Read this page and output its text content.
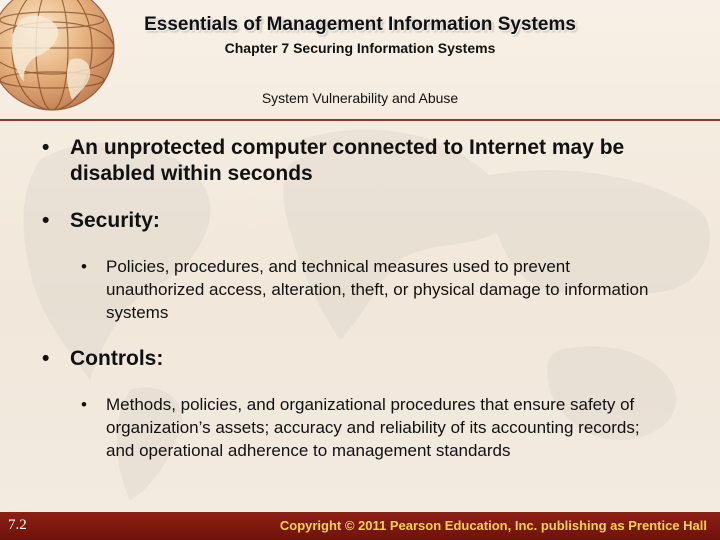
Essentials of Management Information Systems
Chapter 7 Securing Information Systems
System Vulnerability and Abuse
• An unprotected computer connected to Internet may be disabled within seconds
• Security:
• Policies, procedures, and technical measures used to prevent unauthorized access, alteration, theft, or physical damage to information systems
• Controls:
• Methods, policies, and organizational procedures that ensure safety of organization’s assets; accuracy and reliability of its accounting records; and operational adherence to management standards
7.2	Copyright © 2011 Pearson Education, Inc. publishing as Prentice Hall
